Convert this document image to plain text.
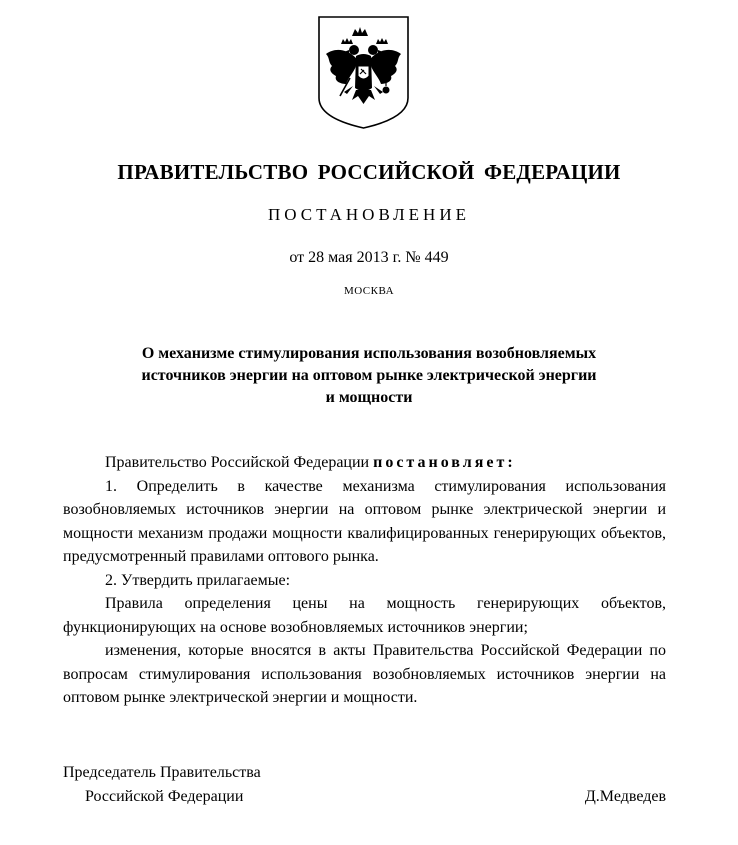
ПРАВИТЕЛЬСТВО РОССИЙСКОЙ ФЕДЕРАЦИИ
ПОСТАНОВЛЕНИЕ
от 28 мая 2013 г. № 449
МОСКВА
О механизме стимулирования использования возобновляемых
источников энергии на оптовом рынке электрической энергии
и мощности

Правительство Российской Федерации постановляет:

1. Определить в качестве механизма стимулирования использования возобновляемых источников энергии на оптовом рынке электрической энергии и мощности механизм продажи мощности квалифицированных генерирующих объектов, предусмотренный правилами оптового рынка.

2. Утвердить прилагаемые:

Правила определения цены на мощность генерирующих объектов, функционирующих на основе возобновляемых источников энергии;

изменения, которые вносятся в акты Правительства Российской Федерации по вопросам стимулирования использования возобновляемых источников энергии на оптовом рынке электрической энергии и мощности.

Председатель Правительства
Российской Федерации	Д.Медведев
